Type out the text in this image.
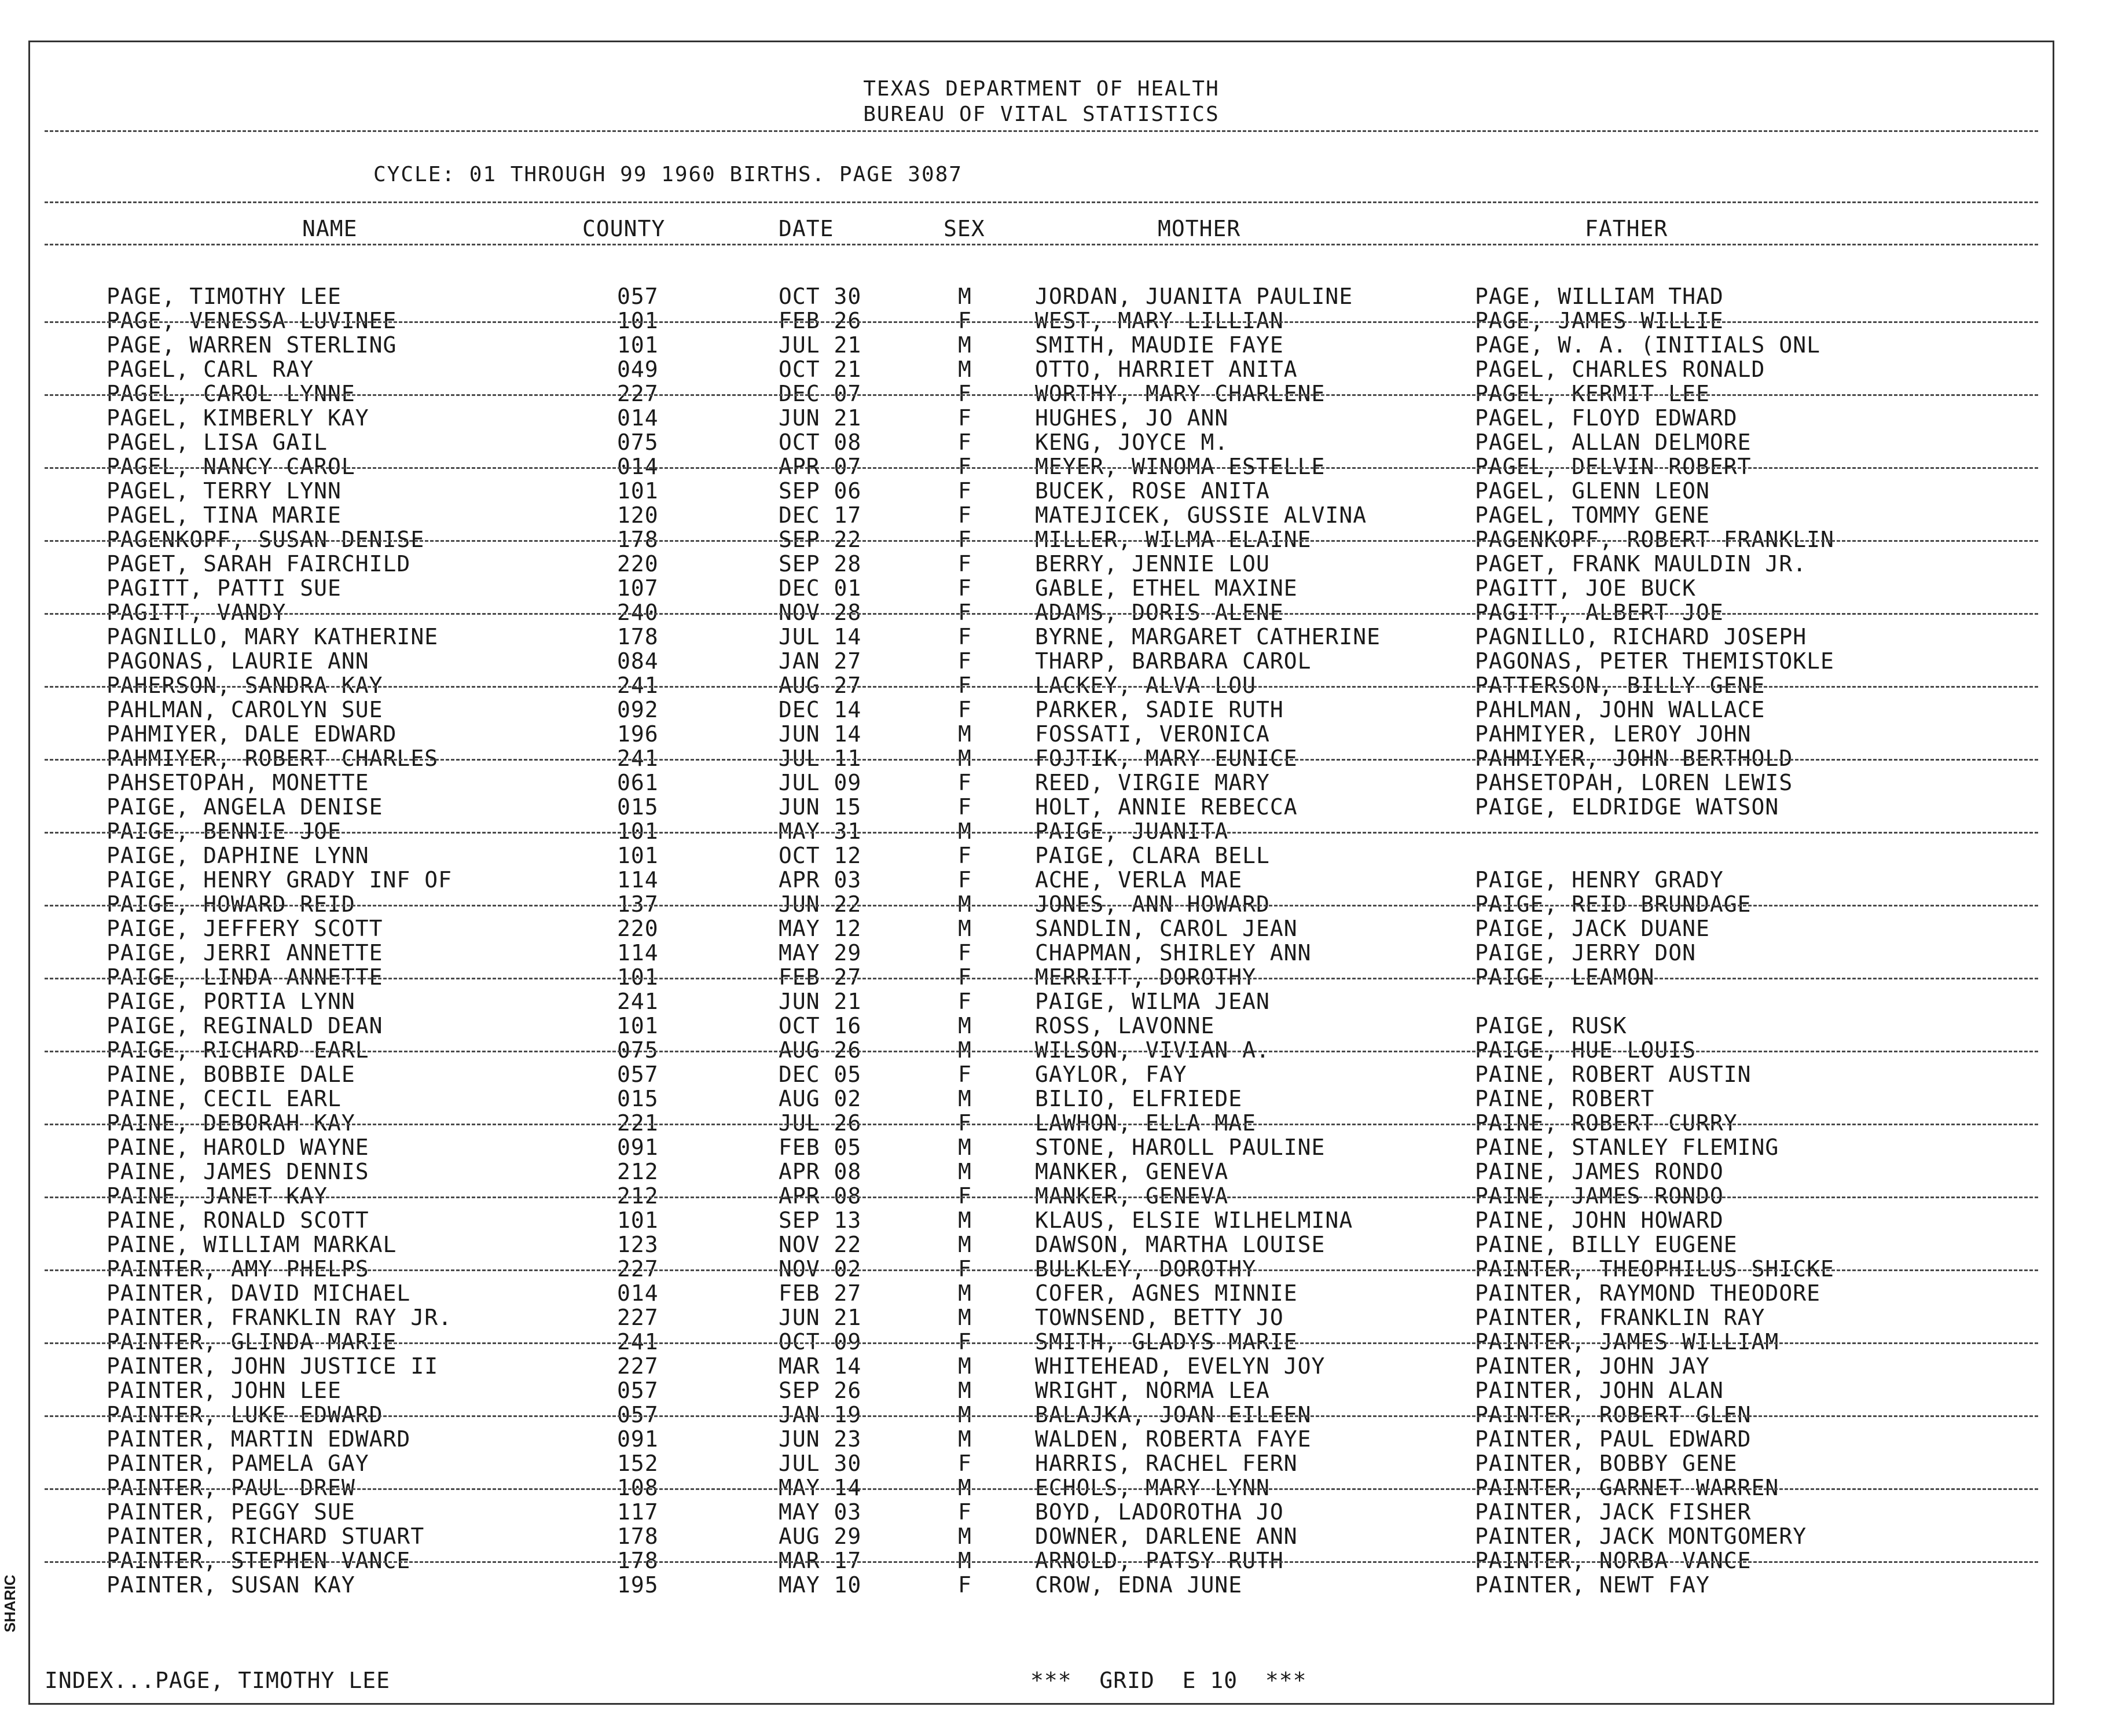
TEXAS DEPARTMENT OF HEALTH
BUREAU OF VITAL STATISTICS
CYCLE: 01 THROUGH 99 1960 BIRTHS. PAGE 3087
NAME	COUNTY	DATE	SEX	MOTHER	FATHER
PAGE, TIMOTHY LEE	057	OCT 30	M	JORDAN, JUANITA PAULINE	PAGE, WILLIAM THAD
PAGE, VENESSA LUVINEE	101	FEB 26	F	WEST, MARY LILLIAN	PAGE, JAMES WILLIE
PAGE, WARREN STERLING	101	JUL 21	M	SMITH, MAUDIE FAYE	PAGE, W. A. (INITIALS ONL
PAGEL, CARL RAY	049	OCT 21	M	OTTO, HARRIET ANITA	PAGEL, CHARLES RONALD
PAGEL, CAROL LYNNE	227	DEC 07	F	WORTHY, MARY CHARLENE	PAGEL, KERMIT LEE
PAGEL, KIMBERLY KAY	014	JUN 21	F	HUGHES, JO ANN	PAGEL, FLOYD EDWARD
PAGEL, LISA GAIL	075	OCT 08	F	KENG, JOYCE M.	PAGEL, ALLAN DELMORE
PAGEL, NANCY CAROL	014	APR 07	F	MEYER, WINOMA ESTELLE	PAGEL, DELVIN ROBERT
PAGEL, TERRY LYNN	101	SEP 06	F	BUCEK, ROSE ANITA	PAGEL, GLENN LEON
PAGEL, TINA MARIE	120	DEC 17	F	MATEJICEK, GUSSIE ALVINA	PAGEL, TOMMY GENE
PAGENKOPF, SUSAN DENISE	178	SEP 22	F	MILLER, WILMA ELAINE	PAGENKOPF, ROBERT FRANKLIN
PAGET, SARAH FAIRCHILD	220	SEP 28	F	BERRY, JENNIE LOU	PAGET, FRANK MAULDIN JR.
PAGITT, PATTI SUE	107	DEC 01	F	GABLE, ETHEL MAXINE	PAGITT, JOE BUCK
PAGITT, VANDY	240	NOV 28	F	ADAMS, DORIS ALENE	PAGITT, ALBERT JOE
PAGNILLO, MARY KATHERINE	178	JUL 14	F	BYRNE, MARGARET CATHERINE	PAGNILLO, RICHARD JOSEPH
PAGONAS, LAURIE ANN	084	JAN 27	F	THARP, BARBARA CAROL	PAGONAS, PETER THEMISTOKLE
PAHERSON, SANDRA KAY	241	AUG 27	F	LACKEY, ALVA LOU	PATTERSON, BILLY GENE
PAHLMAN, CAROLYN SUE	092	DEC 14	F	PARKER, SADIE RUTH	PAHLMAN, JOHN WALLACE
PAHMIYER, DALE EDWARD	196	JUN 14	M	FOSSATI, VERONICA	PAHMIYER, LEROY JOHN
PAHMIYER, ROBERT CHARLES	241	JUL 11	M	FOJTIK, MARY EUNICE	PAHMIYER, JOHN BERTHOLD
PAHSETOPAH, MONETTE	061	JUL 09	F	REED, VIRGIE MARY	PAHSETOPAH, LOREN LEWIS
PAIGE, ANGELA DENISE	015	JUN 15	F	HOLT, ANNIE REBECCA	PAIGE, ELDRIDGE WATSON
PAIGE, BENNIE JOE	101	MAY 31	M	PAIGE, JUANITA
PAIGE, DAPHINE LYNN	101	OCT 12	F	PAIGE, CLARA BELL
PAIGE, HENRY GRADY INF OF	114	APR 03	F	ACHE, VERLA MAE	PAIGE, HENRY GRADY
PAIGE, HOWARD REID	137	JUN 22	M	JONES, ANN HOWARD	PAIGE, REID BRUNDAGE
PAIGE, JEFFERY SCOTT	220	MAY 12	M	SANDLIN, CAROL JEAN	PAIGE, JACK DUANE
PAIGE, JERRI ANNETTE	114	MAY 29	F	CHAPMAN, SHIRLEY ANN	PAIGE, JERRY DON
PAIGE, LINDA ANNETTE	101	FEB 27	F	MERRITT, DOROTHY	PAIGE, LEAMON
PAIGE, PORTIA LYNN	241	JUN 21	F	PAIGE, WILMA JEAN
PAIGE, REGINALD DEAN	101	OCT 16	M	ROSS, LAVONNE	PAIGE, RUSK
PAIGE, RICHARD EARL	075	AUG 26	M	WILSON, VIVIAN A.	PAIGE, HUE LOUIS
PAINE, BOBBIE DALE	057	DEC 05	F	GAYLOR, FAY	PAINE, ROBERT AUSTIN
PAINE, CECIL EARL	015	AUG 02	M	BILIO, ELFRIEDE	PAINE, ROBERT
PAINE, DEBORAH KAY	221	JUL 26	F	LAWHON, ELLA MAE	PAINE, ROBERT CURRY
PAINE, HAROLD WAYNE	091	FEB 05	M	STONE, HAROLL PAULINE	PAINE, STANLEY FLEMING
PAINE, JAMES DENNIS	212	APR 08	M	MANKER, GENEVA	PAINE, JAMES RONDO
PAINE, JANET KAY	212	APR 08	F	MANKER, GENEVA	PAINE, JAMES RONDO
PAINE, RONALD SCOTT	101	SEP 13	M	KLAUS, ELSIE WILHELMINA	PAINE, JOHN HOWARD
PAINE, WILLIAM MARKAL	123	NOV 22	M	DAWSON, MARTHA LOUISE	PAINE, BILLY EUGENE
PAINTER, AMY PHELPS	227	NOV 02	F	BULKLEY, DOROTHY	PAINTER, THEOPHILUS SHICKE
PAINTER, DAVID MICHAEL	014	FEB 27	M	COFER, AGNES MINNIE	PAINTER, RAYMOND THEODORE
PAINTER, FRANKLIN RAY JR.	227	JUN 21	M	TOWNSEND, BETTY JO	PAINTER, FRANKLIN RAY
PAINTER, GLINDA MARIE	241	OCT 09	F	SMITH, GLADYS MARIE	PAINTER, JAMES WILLIAM
PAINTER, JOHN JUSTICE II	227	MAR 14	M	WHITEHEAD, EVELYN JOY	PAINTER, JOHN JAY
PAINTER, JOHN LEE	057	SEP 26	M	WRIGHT, NORMA LEA	PAINTER, JOHN ALAN
PAINTER, LUKE EDWARD	057	JAN 19	M	BALAJKA, JOAN EILEEN	PAINTER, ROBERT GLEN
PAINTER, MARTIN EDWARD	091	JUN 23	M	WALDEN, ROBERTA FAYE	PAINTER, PAUL EDWARD
PAINTER, PAMELA GAY	152	JUL 30	F	HARRIS, RACHEL FERN	PAINTER, BOBBY GENE
PAINTER, PAUL DREW	108	MAY 14	M	ECHOLS, MARY LYNN	PAINTER, GARNET WARREN
PAINTER, PEGGY SUE	117	MAY 03	F	BOYD, LADOROTHA JO	PAINTER, JACK FISHER
PAINTER, RICHARD STUART	178	AUG 29	M	DOWNER, DARLENE ANN	PAINTER, JACK MONTGOMERY
PAINTER, STEPHEN VANCE	178	MAR 17	M	ARNOLD, PATSY RUTH	PAINTER, NORBA VANCE
PAINTER, SUSAN KAY	195	MAY 10	F	CROW, EDNA JUNE	PAINTER, NEWT FAY
INDEX...PAGE, TIMOTHY LEE	***  GRID  E 10  ***
SHARIC
